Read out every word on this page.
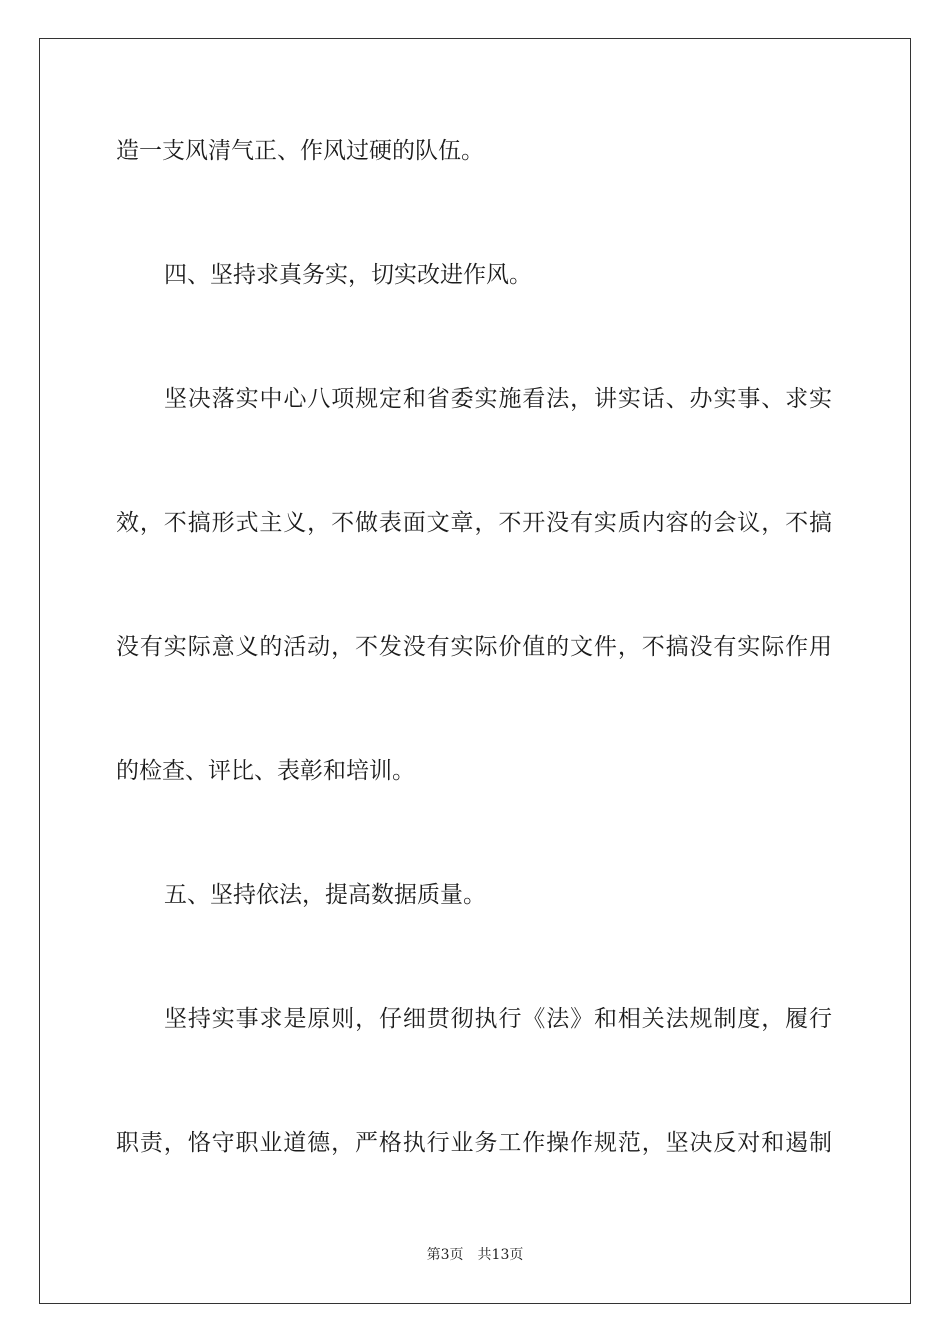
造一支风清气正、作风过硬的队伍。
四、坚持求真务实，切实改进作风。
坚决落实中心八项规定和省委实施看法，讲实话、办实事、求实
效，不搞形式主义，不做表面文章，不开没有实质内容的会议，不搞
没有实际意义的活动，不发没有实际价值的文件，不搞没有实际作用
的检查、评比、表彰和培训。
五、坚持依法，提高数据质量。
坚持实事求是原则，仔细贯彻执行《法》和相关法规制度，履行
职责，恪守职业道德，严格执行业务工作操作规范，坚决反对和遏制
第3页 共13页
